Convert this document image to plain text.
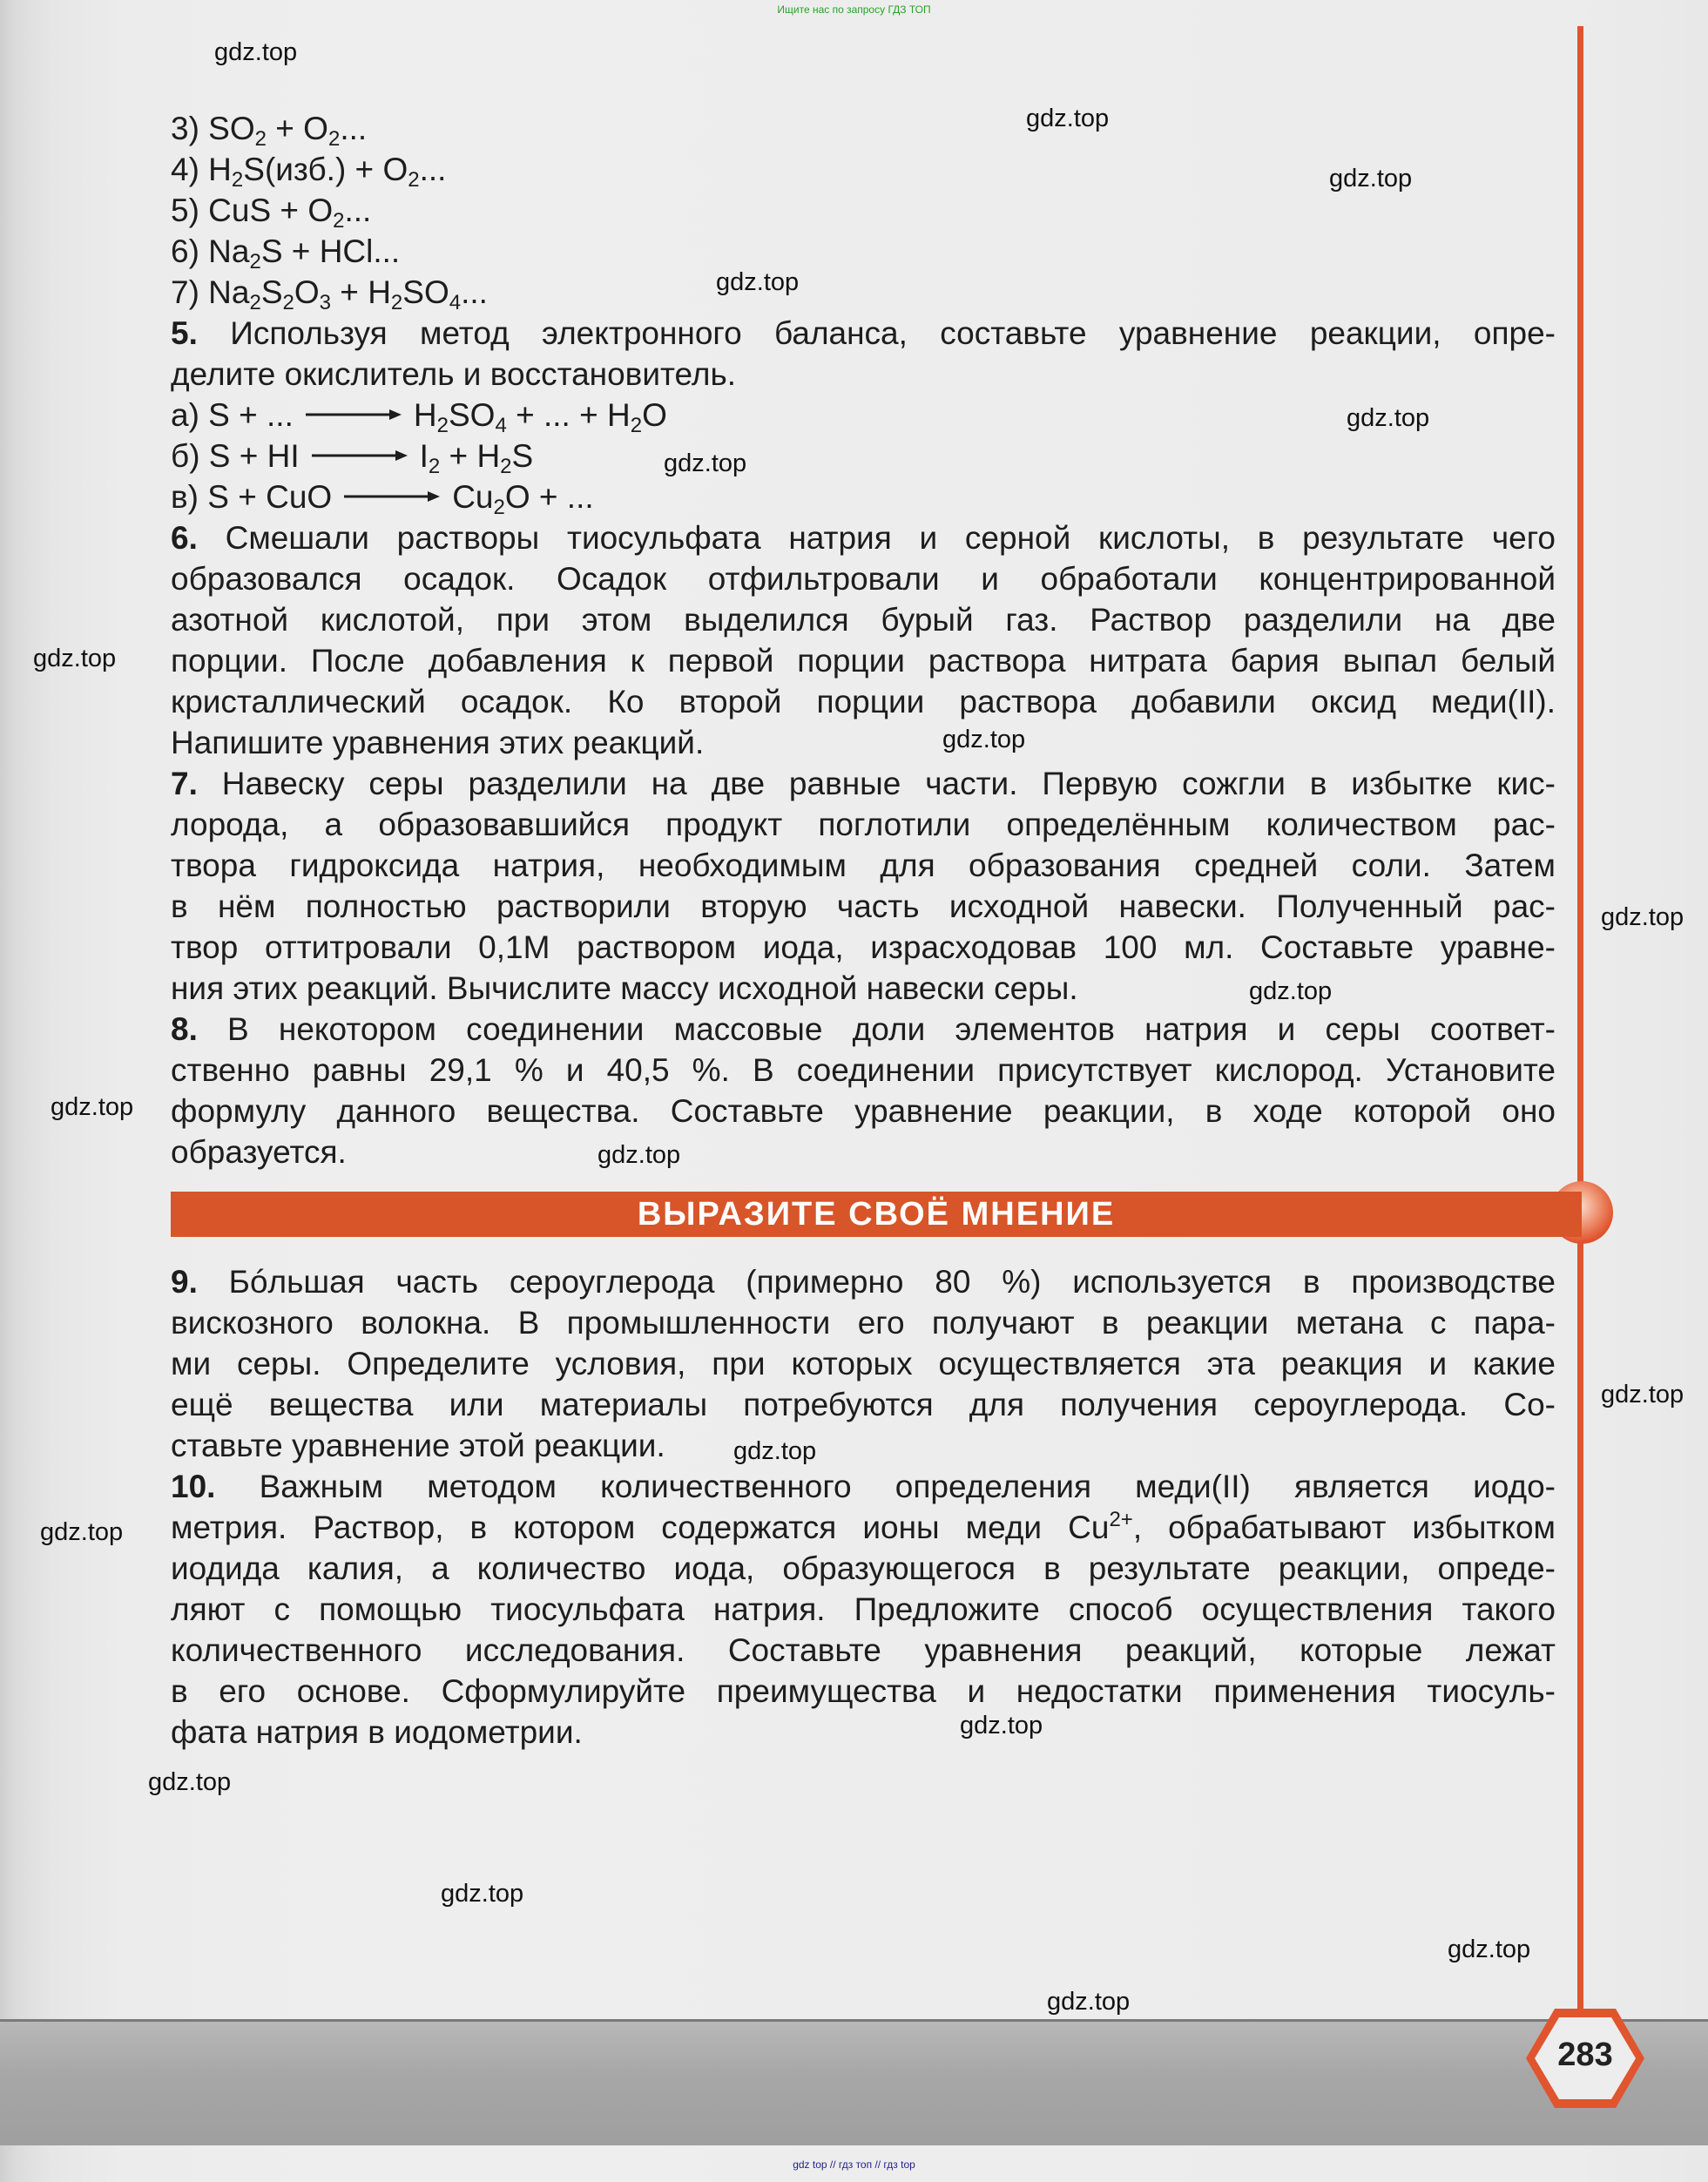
Ищите нас по запросу ГДЗ ТОП
gdz top // гдз топ // гдз top
gdz.top
gdz.top
gdz.top
gdz.top
gdz.top
gdz.top
gdz.top
gdz.top
gdz.top
gdz.top
gdz.top
gdz.top
gdz.top
gdz.top
gdz.top
gdz.top
gdz.top
gdz.top
gdz.top
gdz.top
3) $SO_2 + O_2$...
4) $H_2S(изб.) + O_2$...
5) CuS + $O_2$...
6) $Na_2S$ + HCl...
7) $Na_2S_2O_3 + H_2SO_4$...
5. Используя метод электронного баланса, составьте уравнение реакции, опре-
делите окислитель и восстановитель.
а) S + ... → $H_2SO_4$ + ... + $H_2O$
б) S + HI → $I_2 + H_2S$
в) S + CuO → $Cu_2O$ + ...
6. Смешали растворы тиосульфата натрия и серной кислоты, в результате чего
образовался осадок. Осадок отфильтровали и обработали концентрированной
азотной кислотой, при этом выделился бурый газ. Раствор разделили на две
порции. После добавления к первой порции раствора нитрата бария выпал белый
кристаллический осадок. Ко второй порции раствора добавили оксид меди(II).
Напишите уравнения этих реакций.
7. Навеску серы разделили на две равные части. Первую сожгли в избытке кис-
лорода, а образовавшийся продукт поглотили определённым количеством рас-
твора гидроксида натрия, необходимым для образования средней соли. Затем
в нём полностью растворили вторую часть исходной навески. Полученный рас-
твор оттитровали 0,1М раствором иода, израсходовав 100 мл. Составьте уравне-
ния этих реакций. Вычислите массу исходной навески серы.
8. В некотором соединении массовые доли элементов натрия и серы соответ-
ственно равны 29,1 % и 40,5 %. В соединении присутствует кислород. Установите
формулу данного вещества. Составьте уравнение реакции, в ходе которой оно
образуется.
ВЫРАЗИТЕ СВОЁ МНЕНИЕ
9. Бóльшая часть сероуглерода (примерно 80 %) используется в производстве
вискозного волокна. В промышленности его получают в реакции метана с пара-
ми серы. Определите условия, при которых осуществляется эта реакция и какие
ещё вещества или материалы потребуются для получения сероуглерода. Со-
ставьте уравнение этой реакции.
10. Важным методом количественного определения меди(II) является иодо-
метрия. Раствор, в котором содержатся ионы меди $Cu^{2+}$, обрабатывают избытком
иодида калия, а количество иода, образующегося в результате реакции, опреде-
ляют с помощью тиосульфата натрия. Предложите способ осуществления такого
количественного исследования. Составьте уравнения реакций, которые лежат
в его основе. Сформулируйте преимущества и недостатки применения тиосуль-
фата натрия в иодометрии.
283
